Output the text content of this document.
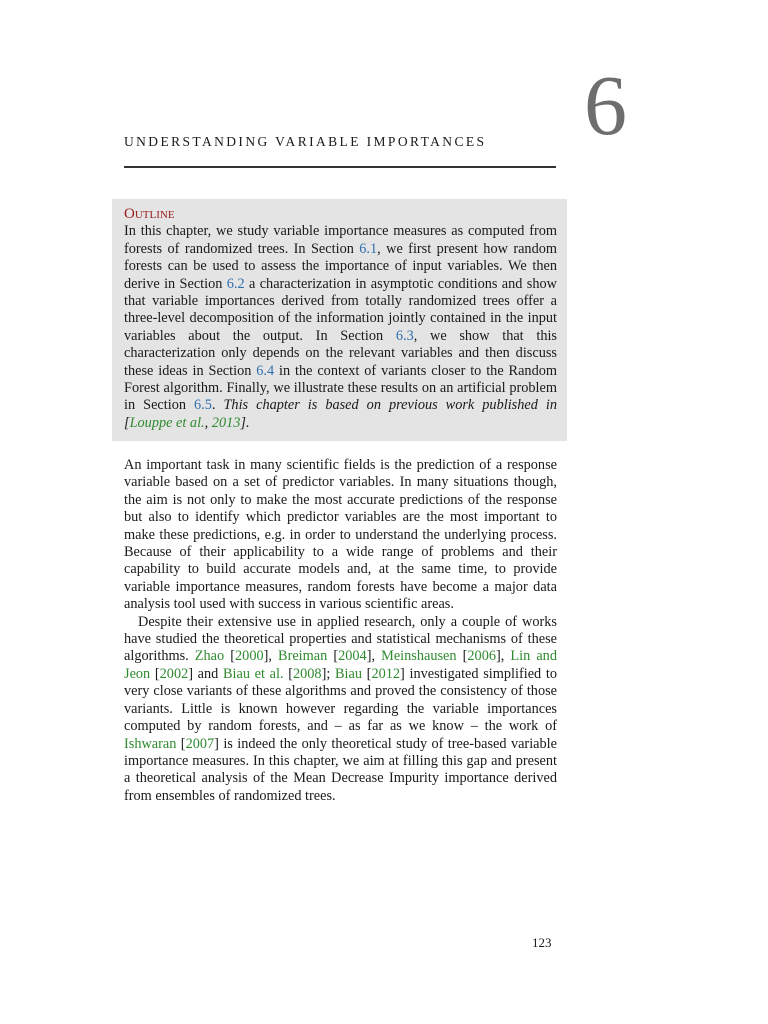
6
UNDERSTANDING VARIABLE IMPORTANCES
Outline
In this chapter, we study variable importance measures as computed from forests of randomized trees. In Section 6.1, we first present how random forests can be used to assess the importance of input variables. We then derive in Section 6.2 a characterization in asymptotic conditions and show that variable importances derived from totally randomized trees offer a three-level decomposition of the information jointly contained in the input variables about the output. In Section 6.3, we show that this characterization only depends on the relevant variables and then discuss these ideas in Section 6.4 in the context of variants closer to the Random Forest algorithm. Finally, we illustrate these results on an artificial problem in Section 6.5. This chapter is based on previous work published in [Louppe et al., 2013].

An important task in many scientific fields is the prediction of a response variable based on a set of predictor variables. In many situations though, the aim is not only to make the most accurate predictions of the response but also to identify which predictor variables are the most important to make these predictions, e.g. in order to understand the underlying process. Because of their applicability to a wide range of problems and their capability to build accurate models and, at the same time, to provide variable importance measures, random forests have become a major data analysis tool used with success in various scientific areas.

Despite their extensive use in applied research, only a couple of works have studied the theoretical properties and statistical mechanisms of these algorithms. Zhao [2000], Breiman [2004], Meinshausen [2006], Lin and Jeon [2002] and Biau et al. [2008]; Biau [2012] investigated simplified to very close variants of these algorithms and proved the consistency of those variants. Little is known however regarding the variable importances computed by random forests, and – as far as we know – the work of Ishwaran [2007] is indeed the only theoretical study of tree-based variable importance measures. In this chapter, we aim at filling this gap and present a theoretical analysis of the Mean Decrease Impurity importance derived from ensembles of randomized trees.

123
